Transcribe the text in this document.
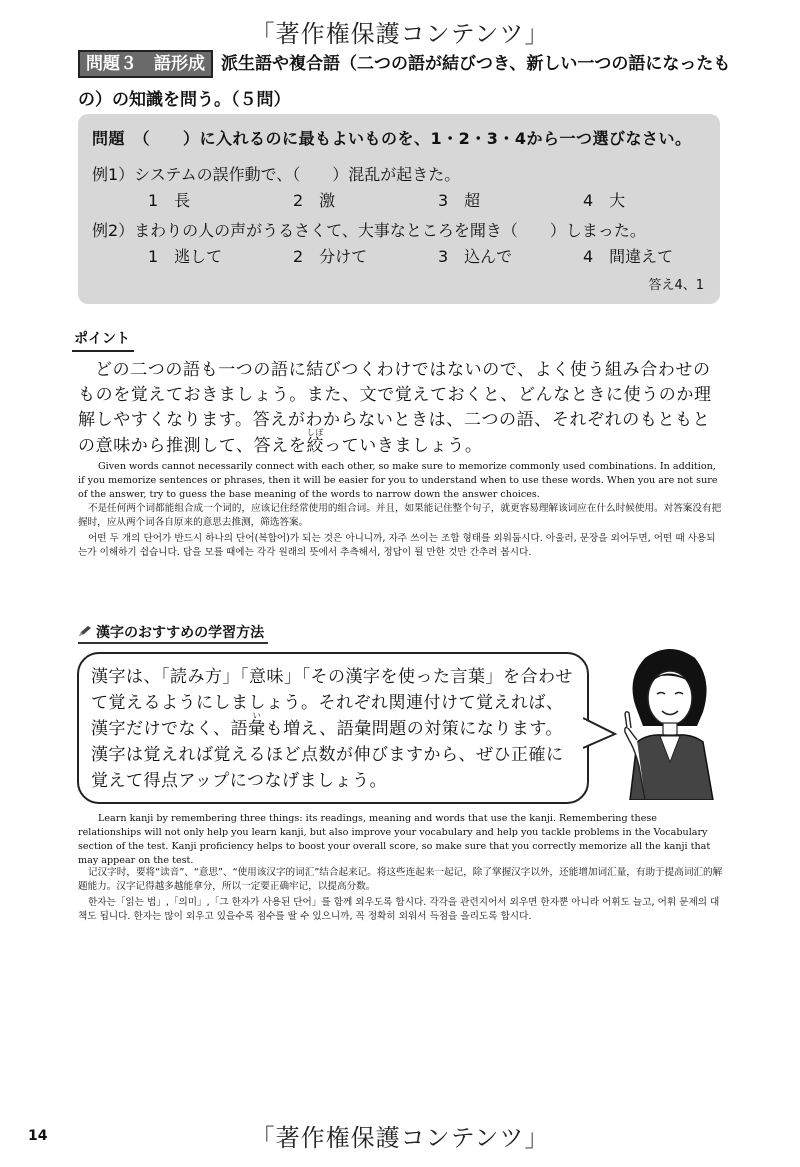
「著作権保護コンテンツ」
問題３　語形成 派生語や複合語（二つの語が結びつき、新しい一つの語になったも
の）の知識を問う。（５問）
問題　（　　）に入れるのに最もよいものを、1・2・3・4から一つ選びなさい。
例1）システムの誤作動で、（　　）混乱が起きた。
1　長	2　激	3　超	4　大
例2）まわりの人の声がうるさくて、大事なところを聞き（　　）しまった。
1　逃して	2　分けて	3　込んで	4　間違えて
答え4、1
ポイント
どの二つの語も一つの語に結びつくわけではないので、よく使う組み合わせのものを覚えておきましょう。また、文で覚えておくと、どんなときに使うのか理解しやすくなります。答えがわからないときは、二つの語、それぞれのもともとの意味から推測して、答えを絞しぼっていきましょう。
Given words cannot necessarily connect with each other, so make sure to memorize commonly used combinations. In addition, if you memorize sentences or phrases, then it will be easier for you to understand when to use these words. When you are not sure of the answer, try to guess the base meaning of the words to narrow down the answer choices.
不是任何两个词都能组合成一个词的，应该记住经常使用的组合词。并且，如果能记住整个句子，就更容易理解该词应在什么时候使用。对答案没有把握时，应从两个词各自原来的意思去推测，筛选答案。
어떤 두 개의 단어가 반드시 하나의 단어(복합어)가 되는 것은 아니니까, 자주 쓰이는 조합 형태를 외워둡시다. 아울러, 문장을 외어두면, 어떤 때 사용되는가 이해하기 쉽습니다. 답을 모를 때에는 각각 원래의 뜻에서 추측해서, 정답이 될 만한 것만 간추려 봅시다.
漢字のおすすめの学習方法
漢字は、「読み方」「意味」「その漢字を使った言葉」を合わせて覚えるようにしましょう。それぞれ関連付けて覚えれば、漢字だけでなく、語彙いも増え、語彙問題の対策になります。漢字は覚えれば覚えるほど点数が伸びますから、ぜひ正確に覚えて得点アップにつなげましょう。
Learn kanji by remembering three things: its readings, meaning and words that use the kanji. Remembering these relationships will not only help you learn kanji, but also improve your vocabulary and help you tackle problems in the Vocabulary section of the test. Kanji proficiency helps to boost your overall score, so make sure that you correctly memorize all the kanji that may appear on the test.
记汉字时，要将“读音”、“意思”、“使用该汉字的词汇”结合起来记。将这些连起来一起记，除了掌握汉字以外，还能增加词汇量，有助于提高词汇的解题能力。汉字记得越多越能拿分，所以一定要正确牢记，以提高分数。
한자는「읽는 법」,「의미」,「그 한자가 사용된 단어」를 함께 외우도록 합시다. 각각을 관련지어서 외우면 한자뿐 아니라 어휘도 늘고, 어휘 문제의 대책도 됩니다. 한자는 많이 외우고 있을수록 점수를 딸 수 있으니까, 꼭 정확히 외워서 득점을 올리도록 합시다.
14	「著作権保護コンテンツ」
